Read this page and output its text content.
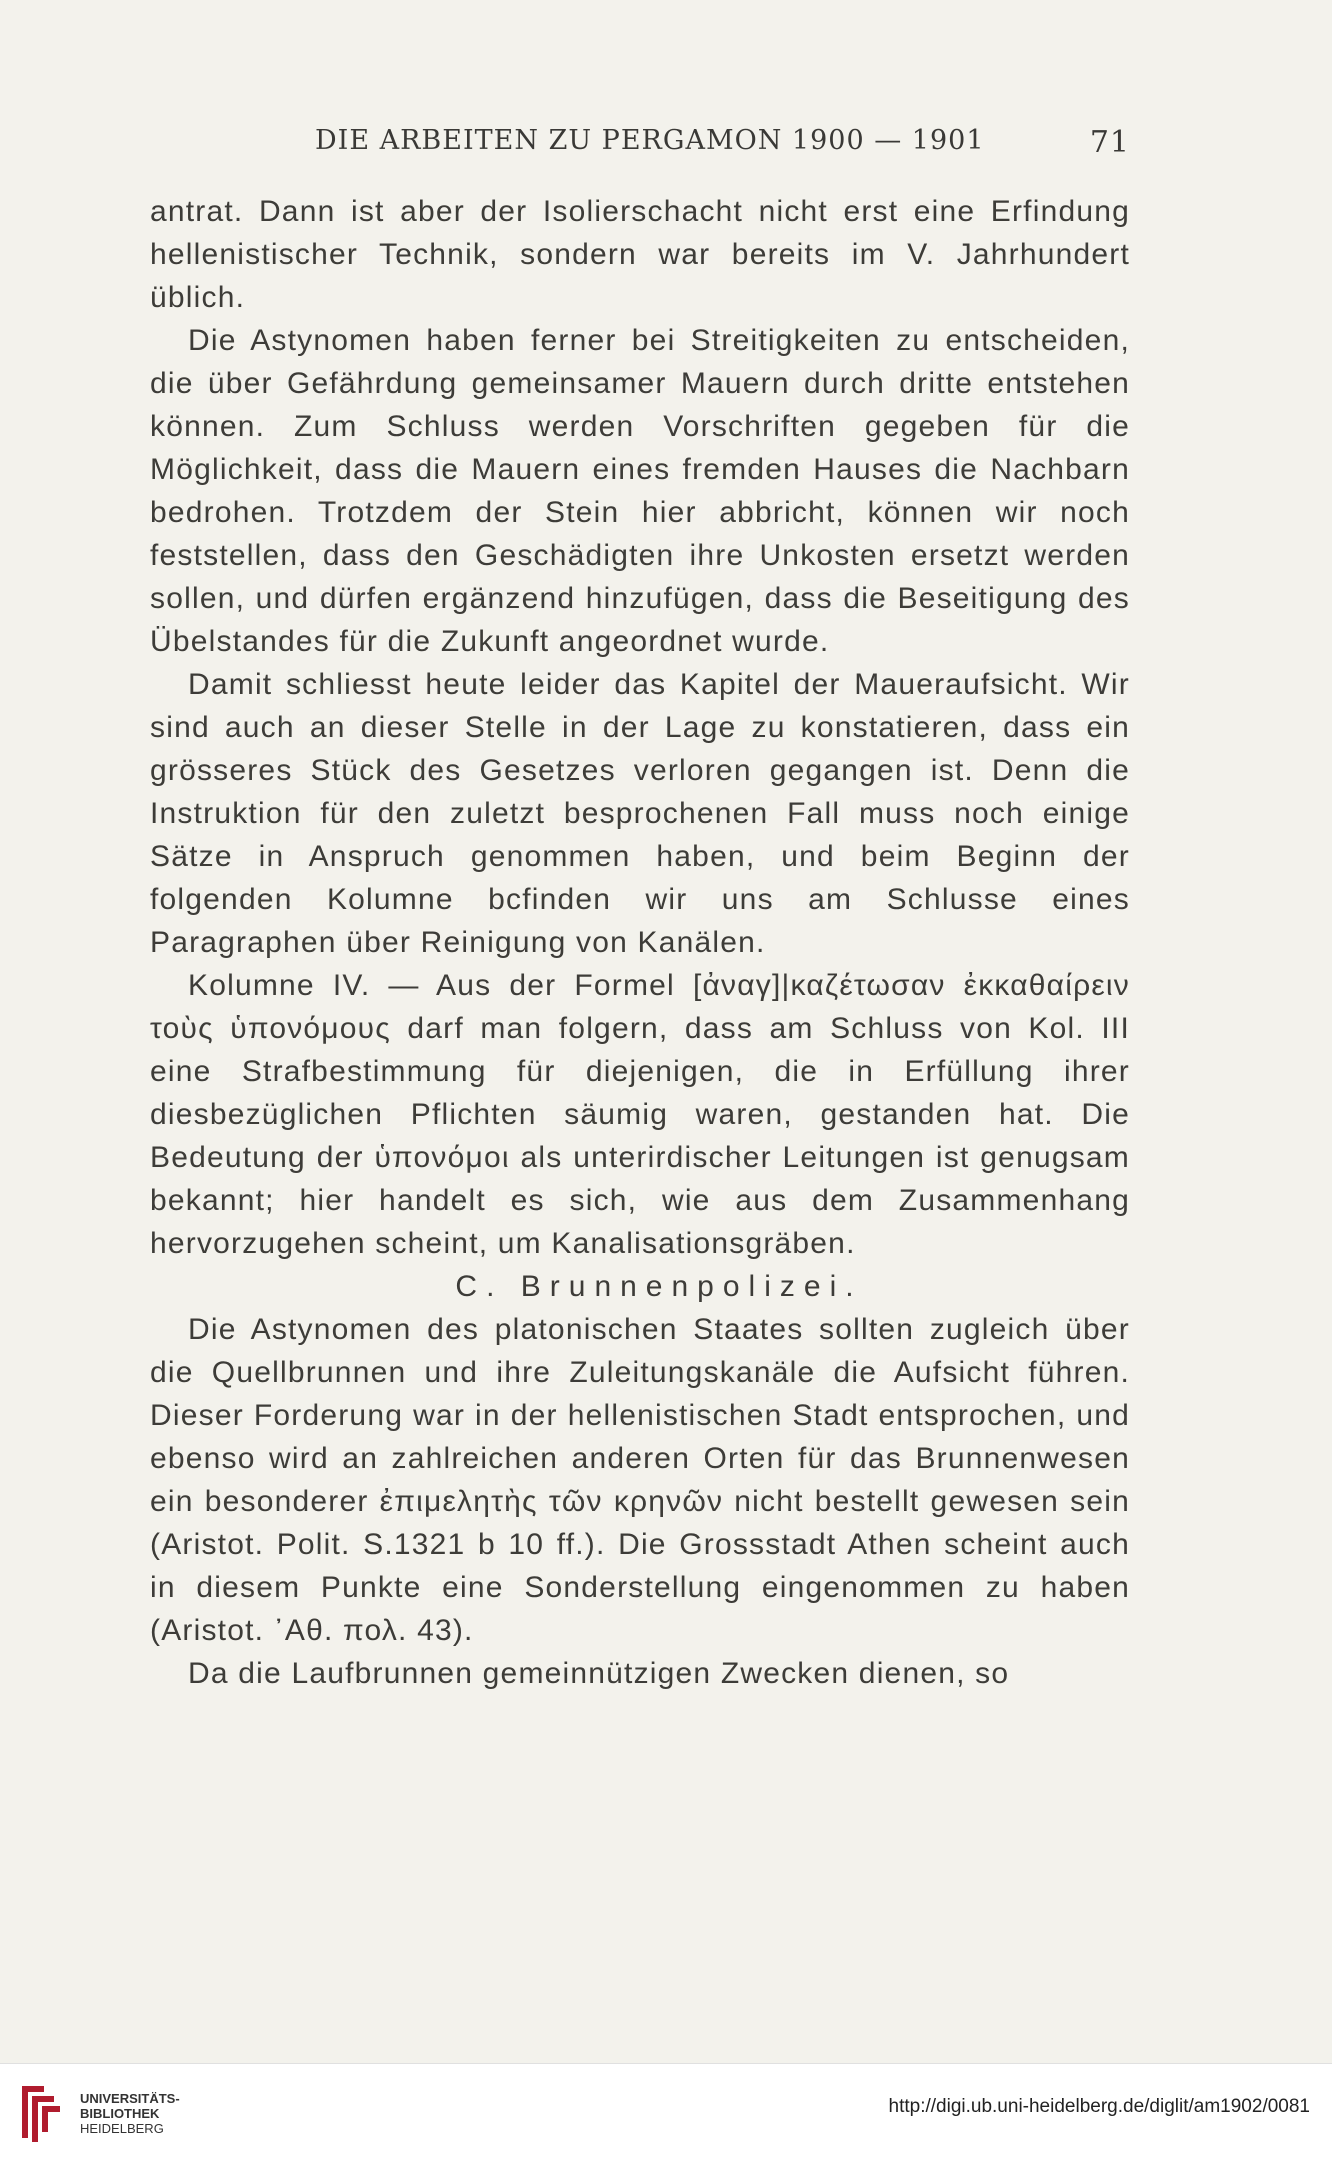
DIE ARBEITEN ZU PERGAMON 1900 — 1901	71

antrat. Dann ist aber der Isolierschacht nicht erst eine Erfindung hellenistischer Technik, sondern war bereits im V. Jahrhundert üblich.

Die Astynomen haben ferner bei Streitigkeiten zu entscheiden, die über Gefährdung gemeinsamer Mauern durch dritte entstehen können. Zum Schluss werden Vorschriften gegeben für die Möglichkeit, dass die Mauern eines fremden Hauses die Nachbarn bedrohen. Trotzdem der Stein hier abbricht, können wir noch feststellen, dass den Geschädigten ihre Unkosten ersetzt werden sollen, und dürfen ergänzend hinzufügen, dass die Beseitigung des Übelstandes für die Zukunft angeordnet wurde.

Damit schliesst heute leider das Kapitel der Maueraufsicht. Wir sind auch an dieser Stelle in der Lage zu konstatieren, dass ein grösseres Stück des Gesetzes verloren gegangen ist. Denn die Instruktion für den zuletzt besprochenen Fall muss noch einige Sätze in Anspruch genommen haben, und beim Beginn der folgenden Kolumne bcfinden wir uns am Schlusse eines Paragraphen über Reinigung von Kanälen.

Kolumne IV. — Aus der Formel [ἀναγ]|καζέτωσαν ἐκκαθαίρειν τοὺς ὑπονόμους darf man folgern, dass am Schluss von Kol. III eine Strafbestimmung für diejenigen, die in Erfüllung ihrer diesbezüglichen Pflichten säumig waren, gestanden hat. Die Bedeutung der ὑπονόμοι als unterirdischer Leitungen ist genugsam bekannt; hier handelt es sich, wie aus dem Zusammenhang hervorzugehen scheint, um Kanalisationsgräben.

C. Brunnenpolizei.

Die Astynomen des platonischen Staates sollten zugleich über die Quellbrunnen und ihre Zuleitungskanäle die Aufsicht führen. Dieser Forderung war in der hellenistischen Stadt entsprochen, und ebenso wird an zahlreichen anderen Orten für das Brunnenwesen ein besonderer ἐπιμελητὴς τῶν κρηνῶν nicht bestellt gewesen sein (Aristot. Polit. S.1321 b 10 ff.). Die Grossstadt Athen scheint auch in diesem Punkte eine Sonderstellung eingenommen zu haben (Aristot. ᾿Αθ. πολ. 43).

Da die Laufbrunnen gemeinnützigen Zwecken dienen, so

UNIVERSITÄTS-
BIBLIOTHEK
HEIDELBERG
http://digi.ub.uni-heidelberg.de/diglit/am1902/0081
